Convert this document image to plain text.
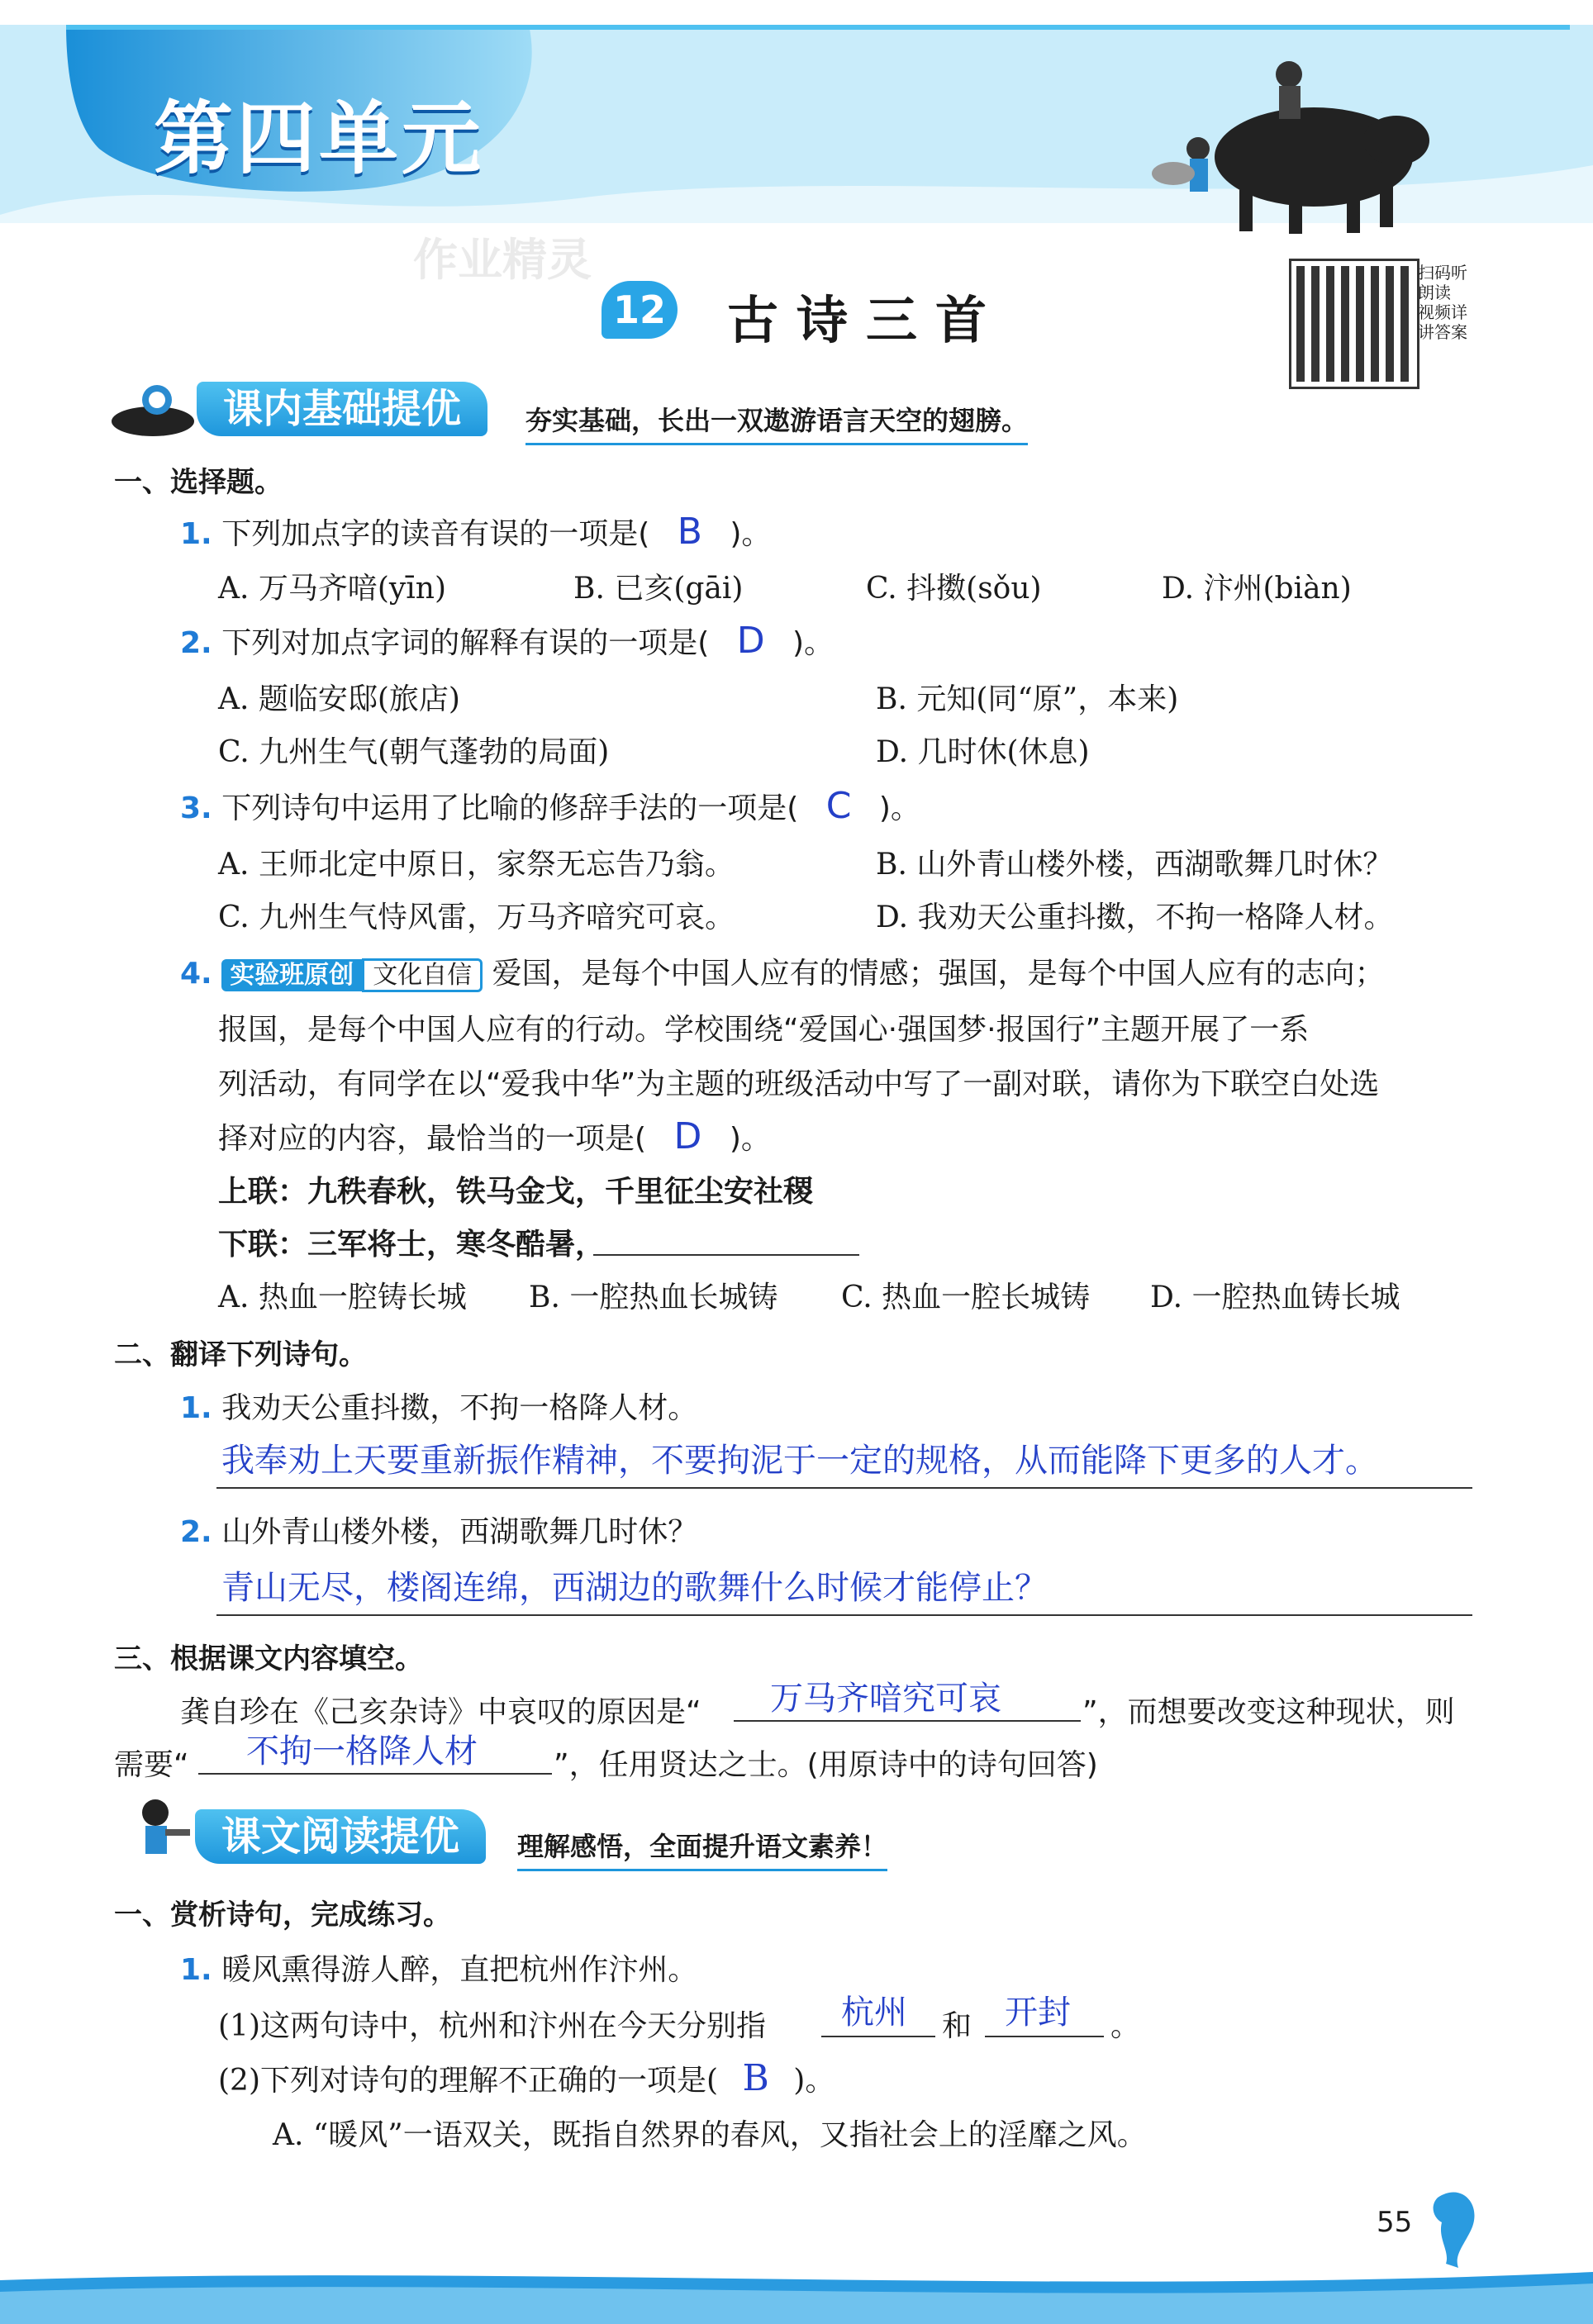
第四单元
12 古诗三首
作业精灵	扫码听朗读 视频详讲答案
课内基础提优	夯实基础，长出一双遨游语言天空的翅膀。
一、选择题。
1. 下列加点字的读音有误的一项是( B )。
A. 万马齐喑(yīn)	B. 已亥(gāi)	C. 抖擞(sǒu)	D. 汴州(biàn)
2. 下列对加点字词的解释有误的一项是( D )。
A. 题临安邸(旅店)	B. 元知(同“原”，本来)
C. 九州生气(朝气蓬勃的局面)	D. 几时休(休息)
3. 下列诗句中运用了比喻的修辞手法的一项是( C )。
A. 王师北定中原日，家祭无忘告乃翁。	B. 山外青山楼外楼，西湖歌舞几时休？
C. 九州生气恃风雷，万马齐喑究可哀。	D. 我劝天公重抖擞，不拘一格降人材。
4. 实验班原创 文化自信 爱国，是每个中国人应有的情感；强国，是每个中国人应有的志向；
报国，是每个中国人应有的行动。学校围绕“爱国心·强国梦·报国行”主题开展了一系
列活动，有同学在以“爱我中华”为主题的班级活动中写了一副对联，请你为下联空白处选
择对应的内容，最恰当的一项是( D )。
上联：九秩春秋，铁马金戈，千里征尘安社稷
下联：三军将士，寒冬酷暑，
A. 热血一腔铸长城 B. 一腔热血长城铸 C. 热血一腔长城铸 D. 一腔热血铸长城
二、翻译下列诗句。
1. 我劝天公重抖擞，不拘一格降人材。
我奉劝上天要重新振作精神，不要拘泥于一定的规格，从而能降下更多的人才。
2. 山外青山楼外楼，西湖歌舞几时休？
青山无尽，楼阁连绵，西湖边的歌舞什么时候才能停止？
三、根据课文内容填空。
龚自珍在《己亥杂诗》中哀叹的原因是“ 万马齐喑究可哀	”，而想要改变这种现状，则
需要“ 不拘一格降人材	”，任用贤达之士。(用原诗中的诗句回答)
课文阅读提优	理解感悟，全面提升语文素养！
一、赏析诗句，完成练习。
1. 暖风熏得游人醉，直把杭州作汴州。
(1)这两句诗中，杭州和汴州在今天分别指 杭州 和 开封 。
(2)下列对诗句的理解不正确的一项是( B )。
A. “暖风”一语双关，既指自然界的春风，又指社会上的淫靡之风。
55
